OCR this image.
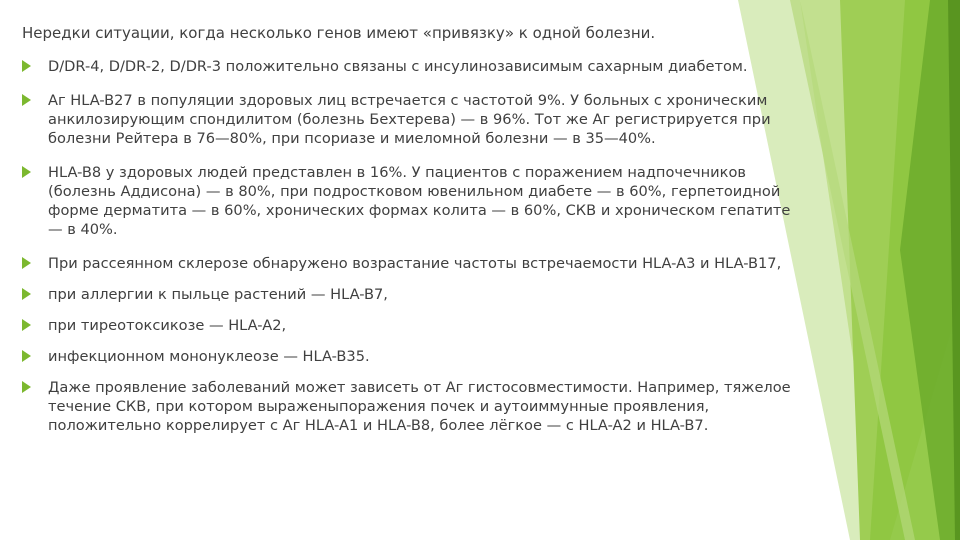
Нередки ситуации, когда несколько генов имеют «привязку» к одной болезни.

D/DR-4, D/DR-2, D/DR-3 положительно связаны с инсулинозависимым сахарным диабетом.
Аг HLA-B27 в популяции здоровых лиц встречается с частотой 9%. У больных с хроническим анкилозирующим спондилитом (болезнь Бехтерева) — в 96%. Тот же Аг регистрируется при болезни Рейтера в 76—80%, при псориазе и миеломной болезни — в 35—40%.
HLA-B8 у здоровых людей представлен в 16%. У пациентов с поражением надпочечников (болезнь Аддисона) — в 80%, при подростковом ювенильном диабете — в 60%, герпетоидной форме дерматита — в 60%, хронических формах колита — в 60%, СКВ и хроническом гепатите — в 40%.
При рассеянном склерозе обнаружено возрастание частоты встречаемости HLA-A3 и HLA-B17,
при аллергии к пыльце растений — HLA-B7,
при тиреотоксикозе — HLA-A2,
инфекционном мононуклеозе — HLA-B35.
Даже проявление заболеваний может зависеть от Аг гистосовместимости. Например, тяжелое течение СКВ, при котором выраженыпоражения почек и аутоиммунные проявления, положительно коррелирует с Аг HLA-A1 и HLA-B8, более лёгкое — с HLA-A2 и HLA-B7.
